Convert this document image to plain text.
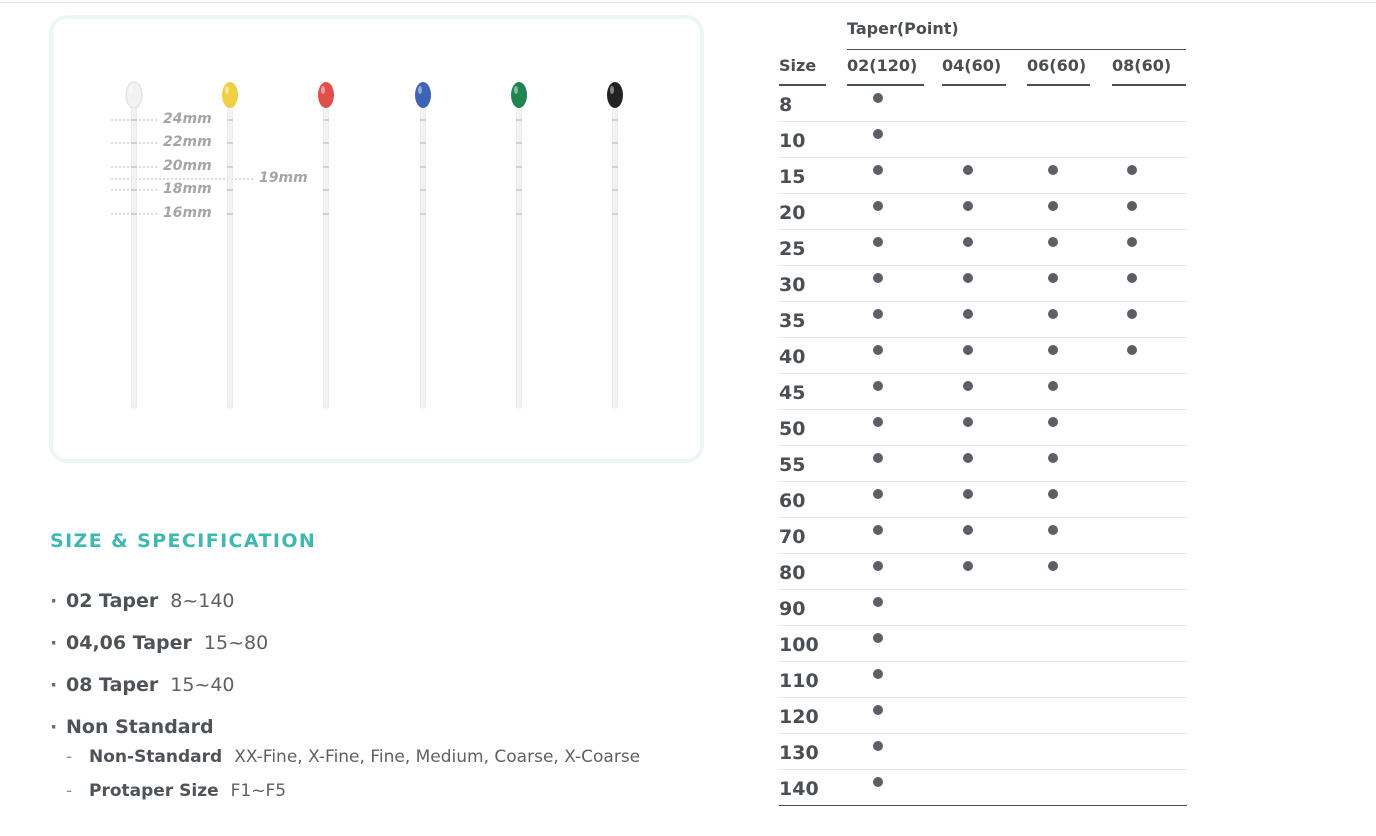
24mm
22mm
20mm
18mm
16mm
19mm
SIZE & SPECIFICATION
· 02 Taper 8~140
· 04,06 Taper 15~80
· 08 Taper 15~40
· Non Standard
- Non-Standard XX-Fine, X-Fine, Fine, Medium, Coarse, X-Coarse
- Protaper Size F1~F5
Taper(Point)
Size 02(120) 04(60) 06(60) 08(60)
8
10
15
20
25
30
35
40
45
50
55
60
70
80
90
100
110
120
130
140
